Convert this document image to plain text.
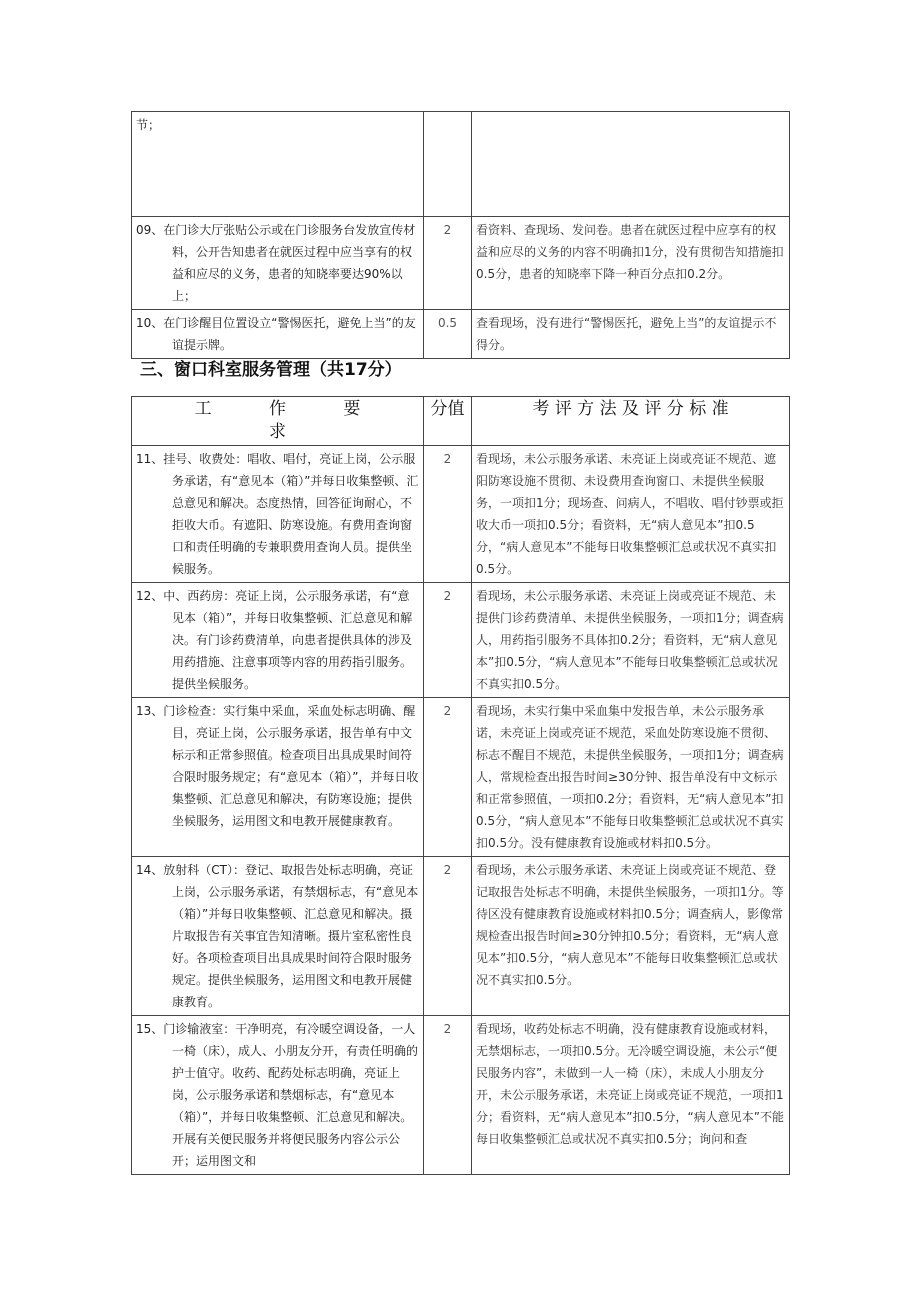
节；		
09、在门诊大厅张贴公示或在门诊服务台发放宣传材料，公开告知患者在就医过程中应当享有的权益和应尽的义务，患者的知晓率要达90%以上；	2	看资料、查现场、发问卷。患者在就医过程中应享有的权益和应尽的义务的内容不明确扣1分，没有贯彻告知措施扣0.5分，患者的知晓率下降一种百分点扣0.2分。
10、在门诊醒目位置设立“警惕医托，避免上当”的友谊提示牌。	0.5	查看现场，没有进行“警惕医托，避免上当”的友谊提示不得分。
三、窗口科室服务管理（共17分）
工 作 要 求	分值	考 评 方 法 及 评 分 标 准
11、挂号、收费处：唱收、唱付，亮证上岗，公示服务承诺，有“意见本（箱）”并每日收集整顿、汇总意见和解决。态度热情，回答征询耐心，不拒收大币。有遮阳、防寒设施。有费用查询窗口和责任明确的专兼职费用查询人员。提供坐候服务。	2	看现场，未公示服务承诺、未亮证上岗或亮证不规范、遮阳防寒设施不贯彻、未设费用查询窗口、未提供坐候服务，一项扣1分；现场查、问病人，不唱收、唱付钞票或拒收大币一项扣0.5分；看资料，无“病人意见本”扣0.5分，“病人意见本”不能每日收集整顿汇总或状况不真实扣0.5分。
12、中、西药房：亮证上岗，公示服务承诺，有“意见本（箱）”，并每日收集整顿、汇总意见和解决。有门诊药费清单，向患者提供具体的涉及用药措施、注意事项等内容的用药指引服务。提供坐候服务。	2	看现场，未公示服务承诺、未亮证上岗或亮证不规范、未提供门诊药费清单、未提供坐候服务，一项扣1分；调查病人，用药指引服务不具体扣0.2分；看资料，无“病人意见本”扣0.5分，“病人意见本”不能每日收集整顿汇总或状况不真实扣0.5分。
13、门诊检查：实行集中采血，采血处标志明确、醒目，亮证上岗，公示服务承诺，报告单有中文标示和正常参照值。检查项目出具成果时间符合限时服务规定；有“意见本（箱）”，并每日收集整顿、汇总意见和解决，有防寒设施；提供坐候服务，运用图文和电教开展健康教育。	2	看现场，未实行集中采血集中发报告单，未公示服务承诺，未亮证上岗或亮证不规范，采血处防寒设施不贯彻、标志不醒目不规范，未提供坐候服务，一项扣1分；调查病人，常规检查出报告时间≥30分钟、报告单没有中文标示和正常参照值，一项扣0.2分；看资料，无“病人意见本”扣0.5分，“病人意见本”不能每日收集整顿汇总或状况不真实扣0.5分。没有健康教育设施或材料扣0.5分。
14、放射科（CT）：登记、取报告处标志明确，亮证上岗，公示服务承诺，有禁烟标志，有“意见本（箱）”并每日收集整顿、汇总意见和解决。摄片取报告有关事宜告知清晰。摄片室私密性良好。各项检查项目出具成果时间符合限时服务规定。提供坐候服务，运用图文和电教开展健康教育。	2	看现场，未公示服务承诺、未亮证上岗或亮证不规范、登记取报告处标志不明确，未提供坐候服务，一项扣1分。等待区没有健康教育设施或材料扣0.5分；调查病人，影像常规检查出报告时间≥30分钟扣0.5分；看资料，无“病人意见本”扣0.5分，“病人意见本”不能每日收集整顿汇总或状况不真实扣0.5分。
15、门诊输液室：干净明亮，有冷暖空调设备，一人一椅（床），成人、小朋友分开，有责任明确的护士值守。收药、配药处标志明确，亮证上岗，公示服务承诺和禁烟标志，有“意见本（箱）”，并每日收集整顿、汇总意见和解决。开展有关便民服务并将便民服务内容公示公开；运用图文和	2	看现场，收药处标志不明确，没有健康教育设施或材料，无禁烟标志，一项扣0.5分。无冷暖空调设施，未公示“便民服务内容”，未做到一人一椅（床），未成人小朋友分开，未公示服务承诺，未亮证上岗或亮证不规范，一项扣1分；看资料，无“病人意见本”扣0.5分，“病人意见本”不能每日收集整顿汇总或状况不真实扣0.5分；询问和查
